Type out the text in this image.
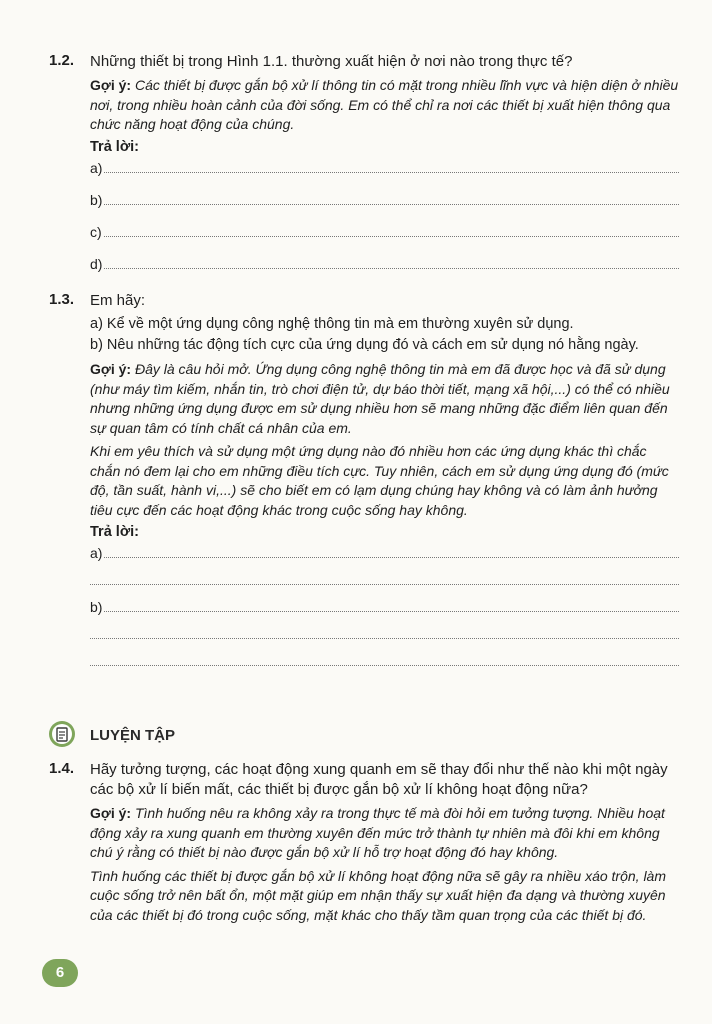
1.2. Những thiết bị trong Hình 1.1. thường xuất hiện ở nơi nào trong thực tế?
Gợi ý: Các thiết bị được gắn bộ xử lí thông tin có mặt trong nhiều lĩnh vực và hiện diện ở nhiều nơi, trong nhiều hoàn cảnh của đời sống. Em có thể chỉ ra nơi các thiết bị xuất hiện thông qua chức năng hoạt động của chúng.
Trả lời:
a)
b)
c)
d)
1.3. Em hãy:
a) Kể về một ứng dụng công nghệ thông tin mà em thường xuyên sử dụng.
b) Nêu những tác động tích cực của ứng dụng đó và cách em sử dụng nó hằng ngày.
Gợi ý: Đây là câu hỏi mở. Ứng dụng công nghệ thông tin mà em đã được học và đã sử dụng (như máy tìm kiếm, nhắn tin, trò chơi điện tử, dự báo thời tiết, mạng xã hội,...) có thể có nhiều nhưng những ứng dụng được em sử dụng nhiều hơn sẽ mang những đặc điểm liên quan đến sự quan tâm có tính chất cá nhân của em.
Khi em yêu thích và sử dụng một ứng dụng nào đó nhiều hơn các ứng dụng khác thì chắc chắn nó đem lại cho em những điều tích cực. Tuy nhiên, cách em sử dụng ứng dụng đó (mức độ, tần suất, hành vi,...) sẽ cho biết em có lạm dụng chúng hay không và có làm ảnh hưởng tiêu cực đến các hoạt động khác trong cuộc sống hay không.
Trả lời:
a)
b)
LUYỆN TẬP
1.4. Hãy tưởng tượng, các hoạt động xung quanh em sẽ thay đổi như thế nào khi một ngày các bộ xử lí biến mất, các thiết bị được gắn bộ xử lí không hoạt động nữa?
Gợi ý: Tình huống nêu ra không xảy ra trong thực tế mà đòi hỏi em tưởng tượng. Nhiều hoạt động xảy ra xung quanh em thường xuyên đến mức trở thành tự nhiên mà đôi khi em không chú ý rằng có thiết bị nào được gắn bộ xử lí hỗ trợ hoạt động đó hay không.
Tình huống các thiết bị được gắn bộ xử lí không hoạt động nữa sẽ gây ra nhiều xáo trộn, làm cuộc sống trở nên bất ổn, một mặt giúp em nhận thấy sự xuất hiện đa dạng và thường xuyên của các thiết bị đó trong cuộc sống, mặt khác cho thấy tầm quan trọng của các thiết bị đó.
6
